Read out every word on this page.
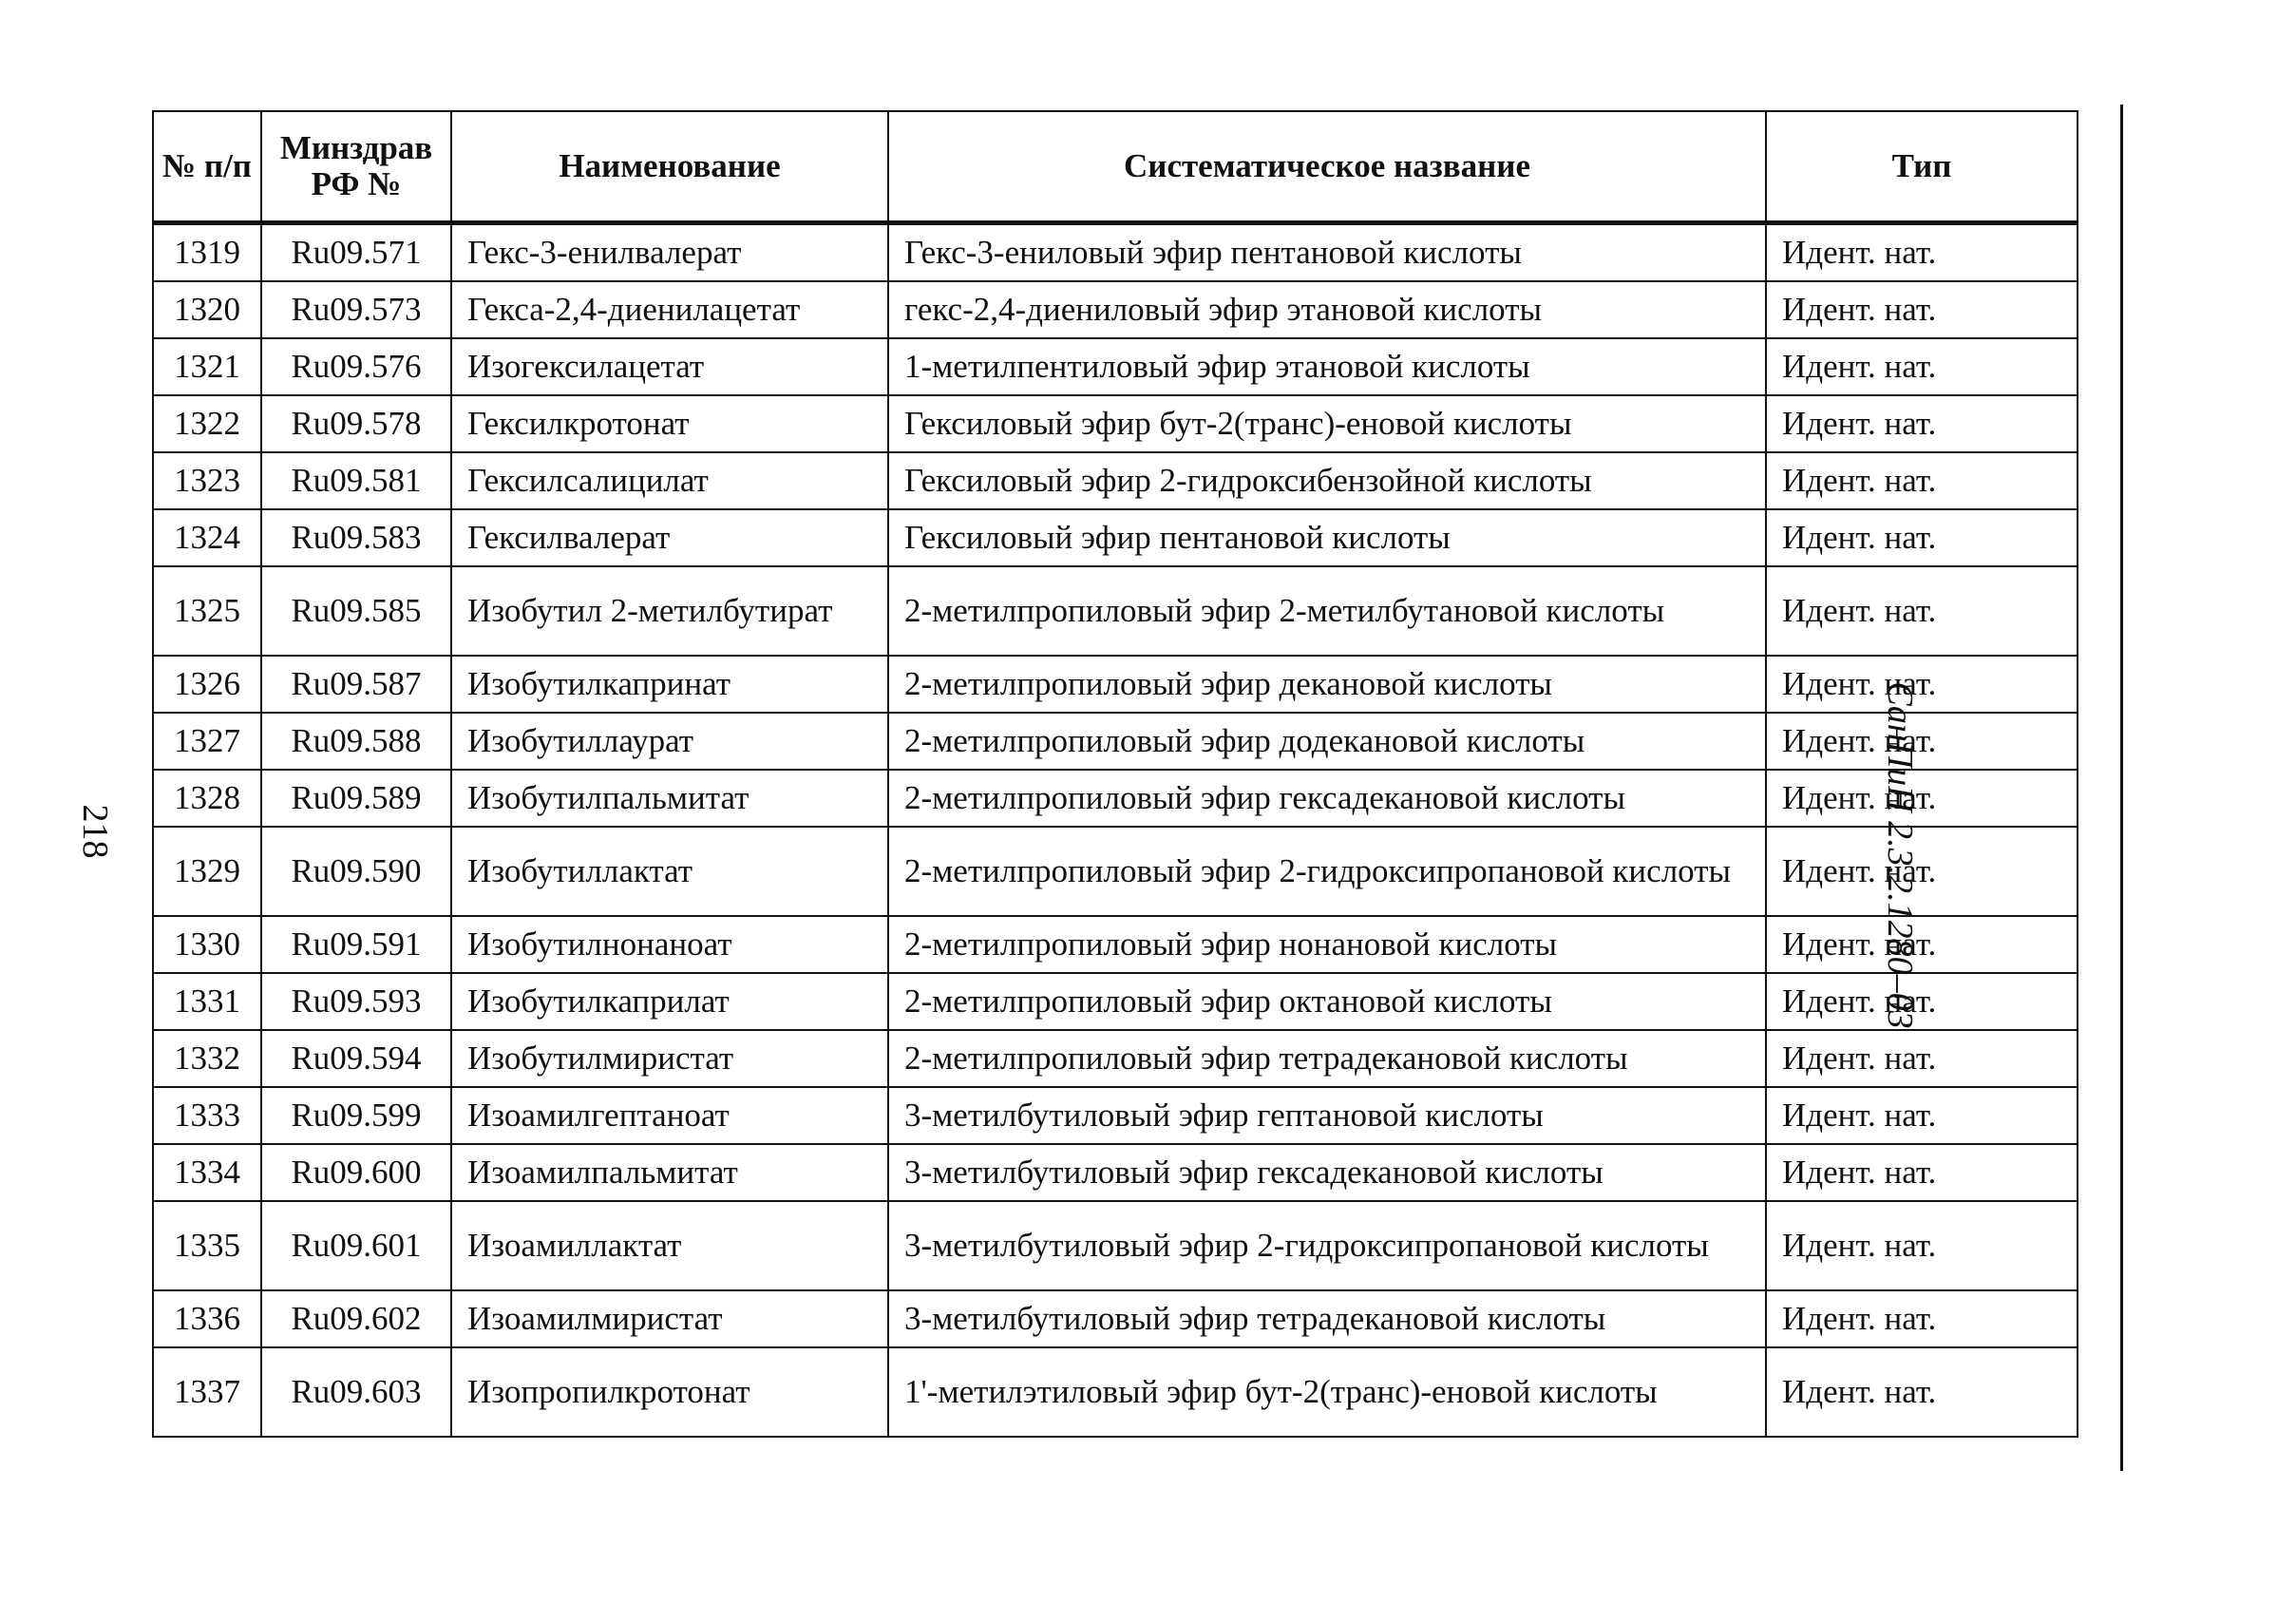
218	СанПиН 2.3.2.1280–03
№ п/п	Минздрав РФ №	Наименование	Систематическое название	Тип
1319	Ru09.571	Гекс-3-енилвалерат	Гекс-3-ениловый эфир пентановой кислоты	Идент. нат.
1320	Ru09.573	Гекса-2,4-диенилацетат	гекс-2,4-диениловый эфир этановой кислоты	Идент. нат.
1321	Ru09.576	Изогексилацетат	1-метилпентиловый эфир этановой кислоты	Идент. нат.
1322	Ru09.578	Гексилкротонат	Гексиловый эфир бут-2(транс)-еновой кислоты	Идент. нат.
1323	Ru09.581	Гексилсалицилат	Гексиловый эфир 2-гидроксибензойной кислоты	Идент. нат.
1324	Ru09.583	Гексилвалерат	Гексиловый эфир пентановой кислоты	Идент. нат.
1325	Ru09.585	Изобутил 2-метилбутират	2-метилпропиловый эфир 2-метилбутановой кислоты	Идент. нат.
1326	Ru09.587	Изобутилкапринат	2-метилпропиловый эфир декановой кислоты	Идент. нат.
1327	Ru09.588	Изобутиллаурат	2-метилпропиловый эфир додекановой кислоты	Идент. нат.
1328	Ru09.589	Изобутилпальмитат	2-метилпропиловый эфир гексадекановой кислоты	Идент. нат.
1329	Ru09.590	Изобутиллактат	2-метилпропиловый эфир 2-гидроксипропановой кислоты	Идент. нат.
1330	Ru09.591	Изобутилнонаноат	2-метилпропиловый эфир нонановой кислоты	Идент. нат.
1331	Ru09.593	Изобутилкаприлат	2-метилпропиловый эфир октановой кислоты	Идент. нат.
1332	Ru09.594	Изобутилмиристат	2-метилпропиловый эфир тетрадекановой кислоты	Идент. нат.
1333	Ru09.599	Изоамилгептаноат	3-метилбутиловый эфир гептановой кислоты	Идент. нат.
1334	Ru09.600	Изоамилпальмитат	3-метилбутиловый эфир гексадекановой кислоты	Идент. нат.
1335	Ru09.601	Изоамиллактат	3-метилбутиловый эфир 2-гидроксипропановой кислоты	Идент. нат.
1336	Ru09.602	Изоамилмиристат	3-метилбутиловый эфир тетрадекановой кислоты	Идент. нат.
1337	Ru09.603	Изопропилкротонат	1'-метилэтиловый эфир бут-2(транс)-еновой кислоты	Идент. нат.
